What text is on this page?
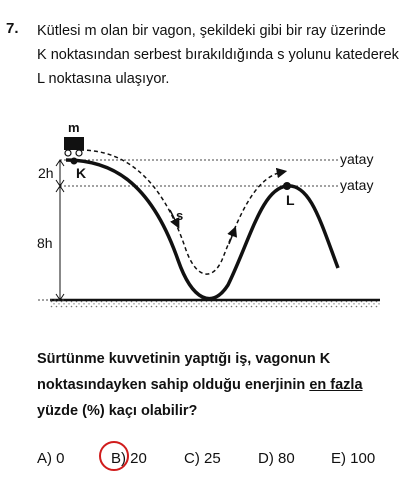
7. Kütlesi m olan bir vagon, şekildeki gibi bir ray üzerinde
K noktasından serbest bırakıldığında s yolunu katederek
L noktasına ulaşıyor.
m
K
L
s
2h
8h
yatay
yatay
Sürtünme kuvvetinin yaptığı iş, vagonun K
noktasındayken sahip olduğu enerjinin en fazla
yüzde (%) kaçı olabilir?
A) 0	B) 20 C) 25 D) 80 E) 100
